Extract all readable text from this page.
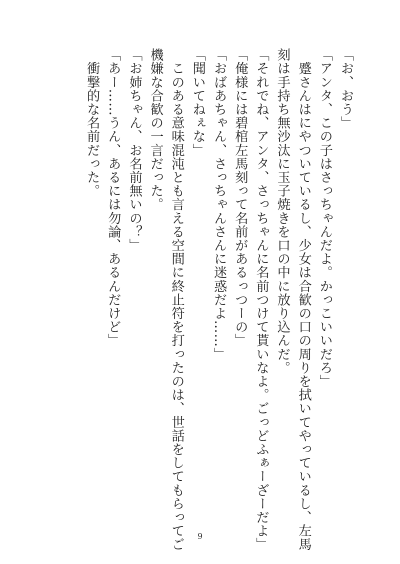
「お、おう」
「アンタ、この子はさっちゃんだよ。かっこいいだろ」
　蹙さんはにやついているし、少女は合歓の口の周りを拭いてやっているし、左馬
刻は手持ち無沙汰に玉子焼きを口の中に放り込んだ。
「それでね、アンタ、さっちゃんに名前つけて貰いなよ。ごっどふぁーざーだよ」
「俺様には碧棺左馬刻って名前があるっつーの」
「おばあちゃん、さっちゃんさんに迷惑だよ……」
「聞いてねぇな」
　このある意味混沌とも言える空間に終止符を打ったのは、世話をしてもらってご
機嫌な合歓の一言だった。
「お姉ちゃん、お名前無いの？」
「あー……うん、あるには勿論、あるんだけど」
　衝撃的な名前だった。
9
